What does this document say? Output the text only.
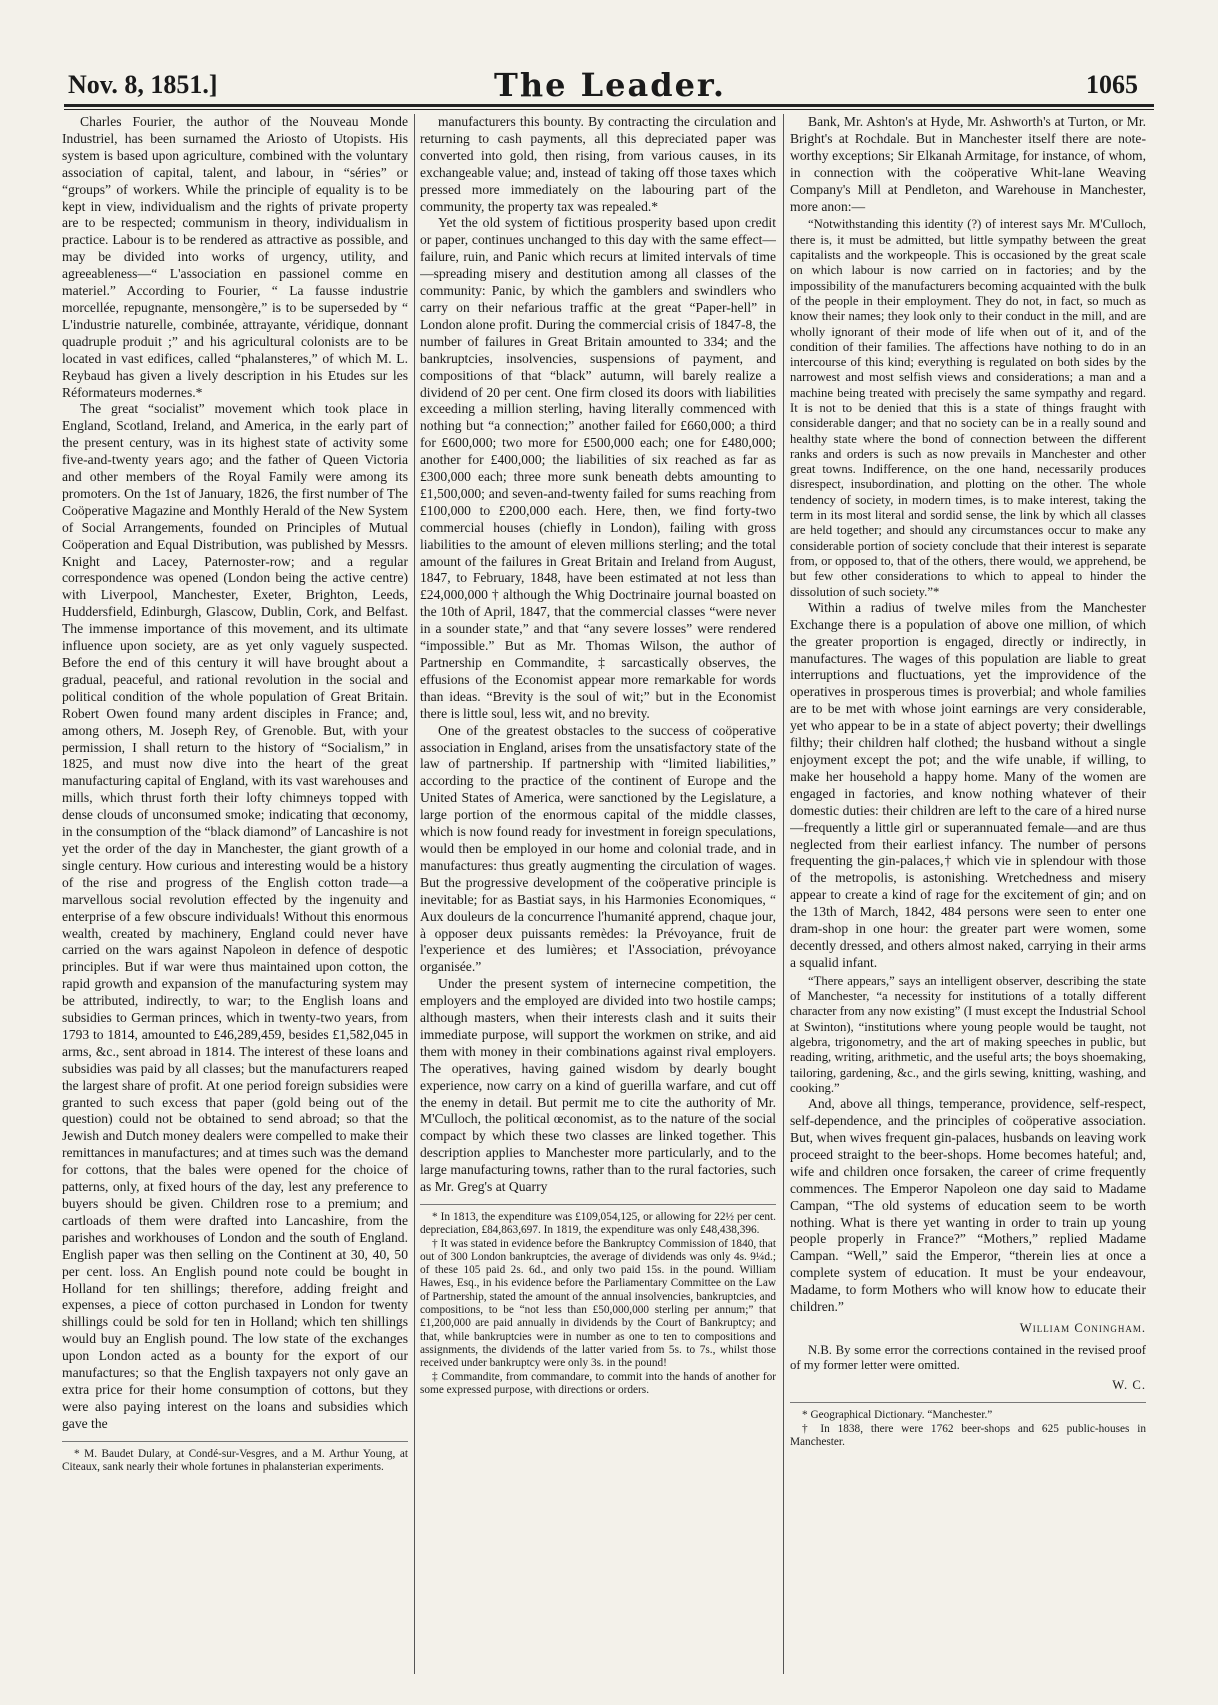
Nov. 8, 1851.]	The Leader.	1065

Charles Fourier, the author of the Nouveau Monde Industriel, has been surnamed the Ariosto of Utopists. His system is based upon agriculture, combined with the voluntary association of capital, talent, and labour, in “séries” or “groups” of workers. While the principle of equality is to be kept in view, individualism and the rights of private property are to be respected; communism in theory, individualism in practice. Labour is to be rendered as attractive as possible, and may be divided into works of urgency, utility, and agreeableness—“ L'association en passionel comme en materiel.” According to Fourier, “ La fausse industrie morcellée, repugnante, mensongère,” is to be superseded by “ L'industrie naturelle, combinée, attrayante, véridique, donnant quadruple produit ;” and his agricultural colonists are to be located in vast edifices, called “phalansteres,” of which M. L. Reybaud has given a lively description in his Etudes sur les Réformateurs modernes.*

The great “socialist” movement which took place in England, Scotland, Ireland, and America, in the early part of the present century, was in its highest state of activity some five-and-twenty years ago; and the father of Queen Victoria and other members of the Royal Family were among its promoters. On the 1st of January, 1826, the first number of The Coöperative Magazine and Monthly Herald of the New System of Social Arrangements, founded on Principles of Mutual Coöperation and Equal Distribution, was published by Messrs. Knight and Lacey, Paternoster-row; and a regular correspondence was opened (London being the active centre) with Liverpool, Manchester, Exeter, Brighton, Leeds, Huddersfield, Edinburgh, Glascow, Dublin, Cork, and Belfast. The immense importance of this movement, and its ultimate influence upon society, are as yet only vaguely suspected. Before the end of this century it will have brought about a gradual, peaceful, and rational revolution in the social and political condition of the whole population of Great Britain. Robert Owen found many ardent disciples in France; and, among others, M. Joseph Rey, of Grenoble. But, with your permission, I shall return to the history of “Socialism,” in 1825, and must now dive into the heart of the great manufacturing capital of England, with its vast warehouses and mills, which thrust forth their lofty chimneys topped with dense clouds of unconsumed smoke; indicating that œconomy, in the consumption of the “black diamond” of Lancashire is not yet the order of the day in Manchester, the giant growth of a single century. How curious and interesting would be a history of the rise and progress of the English cotton trade—a marvellous social revolution effected by the ingenuity and enterprise of a few obscure individuals! Without this enormous wealth, created by machinery, England could never have carried on the wars against Napoleon in defence of despotic principles. But if war were thus maintained upon cotton, the rapid growth and expansion of the manufacturing system may be attributed, indirectly, to war; to the English loans and subsidies to German princes, which in twenty-two years, from 1793 to 1814, amounted to £46,289,459, besides £1,582,045 in arms, &c., sent abroad in 1814. The interest of these loans and subsidies was paid by all classes; but the manufacturers reaped the largest share of profit. At one period foreign subsidies were granted to such excess that paper (gold being out of the question) could not be obtained to send abroad; so that the Jewish and Dutch money dealers were compelled to make their remittances in manufactures; and at times such was the demand for cottons, that the bales were opened for the choice of patterns, only, at fixed hours of the day, lest any preference to buyers should be given. Children rose to a premium; and cartloads of them were drafted into Lancashire, from the parishes and workhouses of London and the south of England. English paper was then selling on the Continent at 30, 40, 50 per cent. loss. An English pound note could be bought in Holland for ten shillings; therefore, adding freight and expenses, a piece of cotton purchased in London for twenty shillings could be sold for ten in Holland; which ten shillings would buy an English pound. The low state of the exchanges upon London acted as a bounty for the export of our manufactures; so that the English taxpayers not only gave an extra price for their home consumption of cottons, but they were also paying interest on the loans and subsidies which gave the

* M. Baudet Dulary, at Condé-sur-Vesgres, and a M. Arthur Young, at Citeaux, sank nearly their whole fortunes in phalansterian experiments.

manufacturers this bounty. By contracting the circulation and returning to cash payments, all this depreciated paper was converted into gold, then rising, from various causes, in its exchangeable value; and, instead of taking off those taxes which pressed more immediately on the labouring part of the community, the property tax was repealed.*

Yet the old system of fictitious prosperity based upon credit or paper, continues unchanged to this day with the same effect—failure, ruin, and Panic which recurs at limited intervals of time—spreading misery and destitution among all classes of the community: Panic, by which the gamblers and swindlers who carry on their nefarious traffic at the great “Paper-hell” in London alone profit. During the commercial crisis of 1847-8, the number of failures in Great Britain amounted to 334; and the bankruptcies, insolvencies, suspensions of payment, and compositions of that “black” autumn, will barely realize a dividend of 20 per cent. One firm closed its doors with liabilities exceeding a million sterling, having literally commenced with nothing but “a connection;” another failed for £660,000; a third for £600,000; two more for £500,000 each; one for £480,000; another for £400,000; the liabilities of six reached as far as £300,000 each; three more sunk beneath debts amounting to £1,500,000; and seven-and-twenty failed for sums reaching from £100,000 to £200,000 each. Here, then, we find forty-two commercial houses (chiefly in London), failing with gross liabilities to the amount of eleven millions sterling; and the total amount of the failures in Great Britain and Ireland from August, 1847, to February, 1848, have been estimated at not less than £24,000,000 † although the Whig Doctrinaire journal boasted on the 10th of April, 1847, that the commercial classes “were never in a sounder state,” and that “any severe losses” were rendered “impossible.” But as Mr. Thomas Wilson, the author of Partnership en Commandite, ‡ sarcastically observes, the effusions of the Economist appear more remarkable for words than ideas. “Brevity is the soul of wit;” but in the Economist there is little soul, less wit, and no brevity.

One of the greatest obstacles to the success of coöperative association in England, arises from the unsatisfactory state of the law of partnership. If partnership with “limited liabilities,” according to the practice of the continent of Europe and the United States of America, were sanctioned by the Legislature, a large portion of the enormous capital of the middle classes, which is now found ready for investment in foreign speculations, would then be employed in our home and colonial trade, and in manufactures: thus greatly augmenting the circulation of wages. But the progressive development of the coöperative principle is inevitable; for as Bastiat says, in his Harmonies Economiques, “ Aux douleurs de la concurrence l'humanité apprend, chaque jour, à opposer deux puissants remèdes: la Prévoyance, fruit de l'experience et des lumières; et l'Association, prévoyance organisée.”

Under the present system of internecine competition, the employers and the employed are divided into two hostile camps; although masters, when their interests clash and it suits their immediate purpose, will support the workmen on strike, and aid them with money in their combinations against rival employers. The operatives, having gained wisdom by dearly bought experience, now carry on a kind of guerilla warfare, and cut off the enemy in detail. But permit me to cite the authority of Mr. M'Culloch, the political œconomist, as to the nature of the social compact by which these two classes are linked together. This description applies to Manchester more particularly, and to the large manufacturing towns, rather than to the rural factories, such as Mr. Greg's at Quarry

* In 1813, the expenditure was £109,054,125, or allowing for 22½ per cent. depreciation, £84,863,697. In 1819, the expenditure was only £48,438,396.

† It was stated in evidence before the Bankruptcy Commission of 1840, that out of 300 London bankruptcies, the average of dividends was only 4s. 9¼d.; of these 105 paid 2s. 6d., and only two paid 15s. in the pound. William Hawes, Esq., in his evidence before the Parliamentary Committee on the Law of Partnership, stated the amount of the annual insolvencies, bankruptcies, and compositions, to be “not less than £50,000,000 sterling per annum;” that £1,200,000 are paid annually in dividends by the Court of Bankruptcy; and that, while bankruptcies were in number as one to ten to compositions and assignments, the dividends of the latter varied from 5s. to 7s., whilst those received under bankruptcy were only 3s. in the pound!

‡ Commandite, from commandare, to commit into the hands of another for some expressed purpose, with directions or orders.

Bank, Mr. Ashton's at Hyde, Mr. Ashworth's at Turton, or Mr. Bright's at Rochdale. But in Manchester itself there are note-worthy exceptions; Sir Elkanah Armitage, for instance, of whom, in connection with the coöperative Whit-lane Weaving Company's Mill at Pendleton, and Warehouse in Manchester, more anon:—

“Notwithstanding this identity (?) of interest says Mr. M'Culloch, there is, it must be admitted, but little sympathy between the great capitalists and the workpeople. This is occasioned by the great scale on which labour is now carried on in factories; and by the impossibility of the manufacturers becoming acquainted with the bulk of the people in their employment. They do not, in fact, so much as know their names; they look only to their conduct in the mill, and are wholly ignorant of their mode of life when out of it, and of the condition of their families. The affections have nothing to do in an intercourse of this kind; everything is regulated on both sides by the narrowest and most selfish views and considerations; a man and a machine being treated with precisely the same sympathy and regard. It is not to be denied that this is a state of things fraught with considerable danger; and that no society can be in a really sound and healthy state where the bond of connection between the different ranks and orders is such as now prevails in Manchester and other great towns. Indifference, on the one hand, necessarily produces disrespect, insubordination, and plotting on the other. The whole tendency of society, in modern times, is to make interest, taking the term in its most literal and sordid sense, the link by which all classes are held together; and should any circumstances occur to make any considerable portion of society conclude that their interest is separate from, or opposed to, that of the others, there would, we apprehend, be but few other considerations to which to appeal to hinder the dissolution of such society.”*

Within a radius of twelve miles from the Manchester Exchange there is a population of above one million, of which the greater proportion is engaged, directly or indirectly, in manufactures. The wages of this population are liable to great interruptions and fluctuations, yet the improvidence of the operatives in prosperous times is proverbial; and whole families are to be met with whose joint earnings are very considerable, yet who appear to be in a state of abject poverty; their dwellings filthy; their children half clothed; the husband without a single enjoyment except the pot; and the wife unable, if willing, to make her household a happy home. Many of the women are engaged in factories, and know nothing whatever of their domestic duties: their children are left to the care of a hired nurse—frequently a little girl or superannuated female—and are thus neglected from their earliest infancy. The number of persons frequenting the gin-palaces,† which vie in splendour with those of the metropolis, is astonishing. Wretchedness and misery appear to create a kind of rage for the excitement of gin; and on the 13th of March, 1842, 484 persons were seen to enter one dram-shop in one hour: the greater part were women, some decently dressed, and others almost naked, carrying in their arms a squalid infant.

“There appears,” says an intelligent observer, describing the state of Manchester, “a necessity for institutions of a totally different character from any now existing” (I must except the Industrial School at Swinton), “institutions where young people would be taught, not algebra, trigonometry, and the art of making speeches in public, but reading, writing, arithmetic, and the useful arts; the boys shoemaking, tailoring, gardening, &c., and the girls sewing, knitting, washing, and cooking.”

And, above all things, temperance, providence, self-respect, self-dependence, and the principles of coöperative association. But, when wives frequent gin-palaces, husbands on leaving work proceed straight to the beer-shops. Home becomes hateful; and, wife and children once forsaken, the career of crime frequently commences. The Emperor Napoleon one day said to Madame Campan, “The old systems of education seem to be worth nothing. What is there yet wanting in order to train up young people properly in France?” “Mothers,” replied Madame Campan. “Well,” said the Emperor, “therein lies at once a complete system of education. It must be your endeavour, Madame, to form Mothers who will know how to educate their children.”

William Coningham.

N.B. By some error the corrections contained in the revised proof of my former letter were omitted.

W. C.

* Geographical Dictionary. “Manchester.”

† In 1838, there were 1762 beer-shops and 625 public-houses in Manchester.
